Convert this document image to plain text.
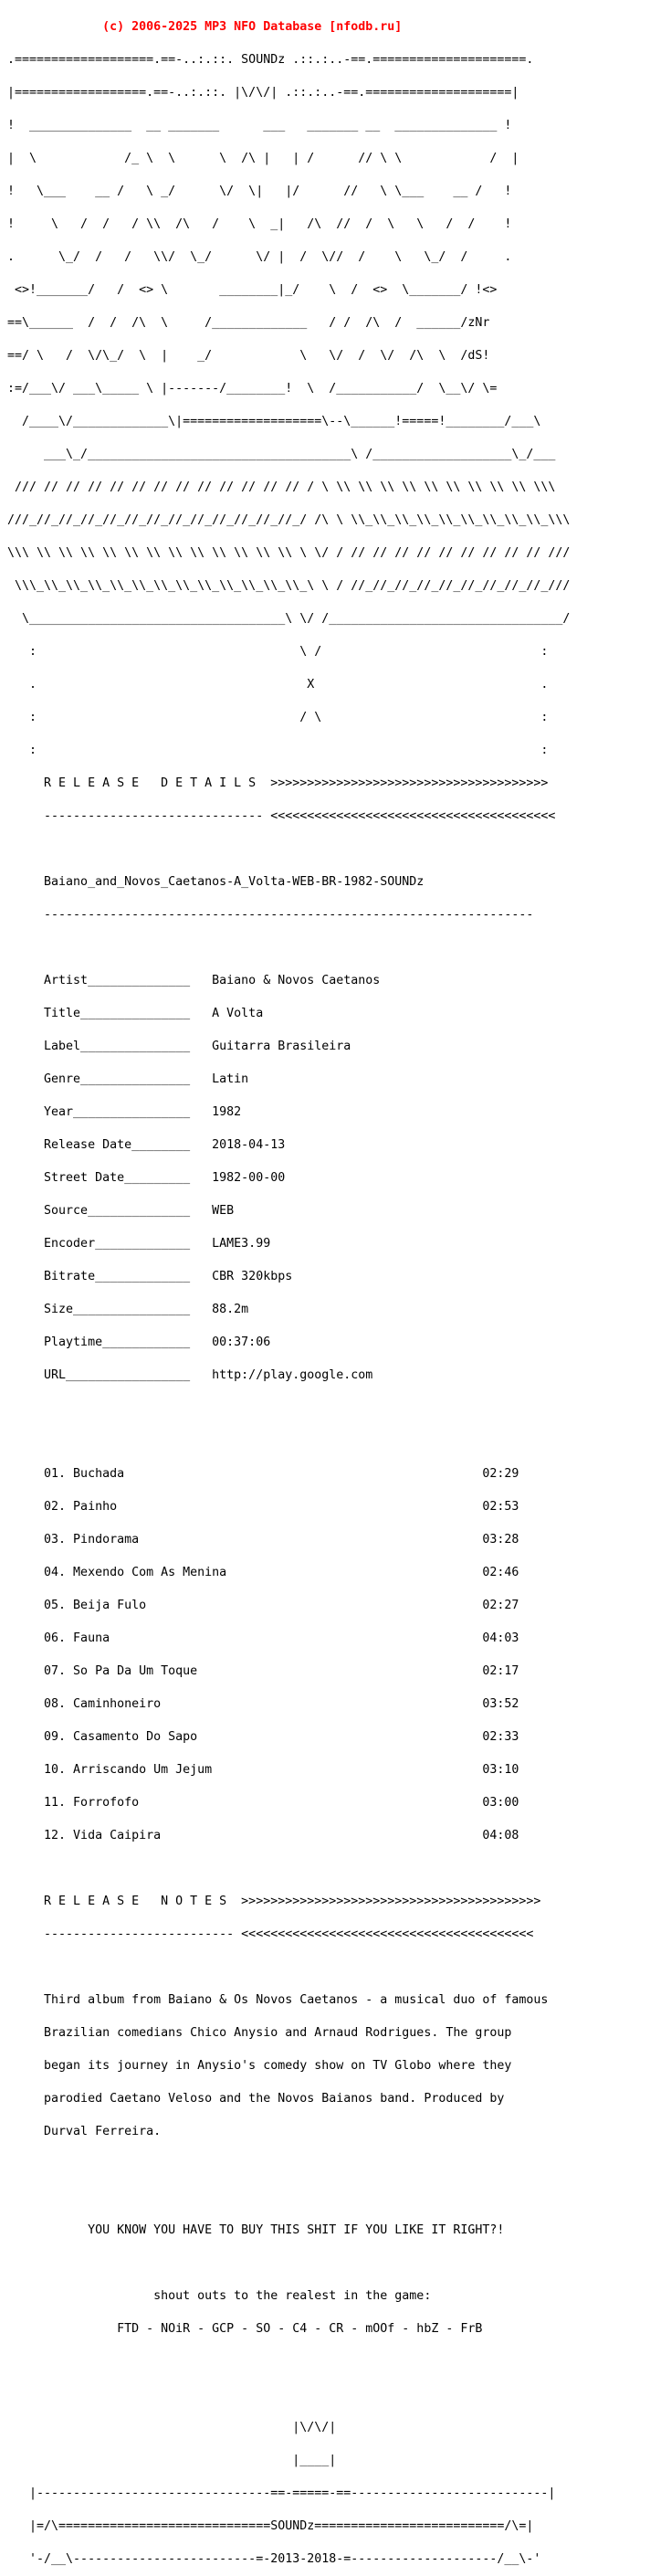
(c) 2006-2025 MP3 NFO Database [nfodb.ru]

.===================.==-..:.::. SOUNDz .::.:..-==.=====================.

|==================.==-..:.::. |\/\/| .::.:..-==.====================|

!  ______________  __ _______      ___   _______ __  ______________ !

|  \            /_ \  \      \  /\ |   | /      // \ \            /  |

!   \___    __ /   \ _/      \/  \|   |/      //   \ \___    __ /   !

!     \   /  /   / \\  /\   /    \  _|   /\  //  /  \   \   /  /    !

.      \_/  /   /   \\/  \_/      \/ |  /  \//  /    \   \_/  /     .

<>!_______/   /  <> \       ________|_/    \  /  <>  \_______/ !<>

==\______  /  /  /\  \     /_____________   / /  /\  /  ______/zNr

==/ \   /  \/\_/  \  |    _/            \   \/  /  \/  /\  \  /dS!

:=/___\/ ___\_____ \ |-------/________!  \  /___________/  \__\/ \=

/____\/_____________\|===================\--\______!=====!________/___\

___\_/____________________________________\ /___________________\_/___

/// // // // // // // // // // // // // / \ \\ \\ \\ \\ \\ \\ \\ \\ \\ \\\

///_//_//_//_//_//_//_//_//_//_//_//_//_/ /\ \ \\_\\_\\_\\_\\_\\_\\_\\_\\_\\\

\\\ \\ \\ \\ \\ \\ \\ \\ \\ \\ \\ \\ \\ \ \/ / // // // // // // // // // ///

\\\_\\_\\_\\_\\_\\_\\_\\_\\_\\_\\_\\_\\_\ \ / //_//_//_//_//_//_//_//_//_///

\___________________________________\ \/ /________________________________/

:                                    \ /                              :

.                                     X                               .

:                                    / \                              :

:                                                                     :

R E L E A S E   D E T A I L S  >>>>>>>>>>>>>>>>>>>>>>>>>>>>>>>>>>>>>>

------------------------------ <<<<<<<<<<<<<<<<<<<<<<<<<<<<<<<<<<<<<<<

Baiano_and_Novos_Caetanos-A_Volta-WEB-BR-1982-SOUNDz

-------------------------------------------------------------------

Artist______________   Baiano & Novos Caetanos

Title_______________   A Volta

Label_______________   Guitarra Brasileira

Genre_______________   Latin

Year________________   1982

Release Date________   2018-04-13

Street Date_________   1982-00-00

Source______________   WEB

Encoder_____________   LAME3.99

Bitrate_____________   CBR 320kbps

Size________________   88.2m

Playtime____________   00:37:06

URL_________________   http://play.google.com

01. Buchada                                                 02:29

02. Painho                                                  02:53

03. Pindorama                                               03:28

04. Mexendo Com As Menina                                   02:46

05. Beija Fulo                                              02:27

06. Fauna                                                   04:03

07. So Pa Da Um Toque                                       02:17

08. Caminhoneiro                                            03:52

09. Casamento Do Sapo                                       02:33

10. Arriscando Um Jejum                                     03:10

11. Forrofofo                                               03:00

12. Vida Caipira                                            04:08

R E L E A S E   N O T E S  >>>>>>>>>>>>>>>>>>>>>>>>>>>>>>>>>>>>>>>>>

-------------------------- <<<<<<<<<<<<<<<<<<<<<<<<<<<<<<<<<<<<<<<<

Third album from Baiano & Os Novos Caetanos - a musical duo of famous

Brazilian comedians Chico Anysio and Arnaud Rodrigues. The group

began its journey in Anysio's comedy show on TV Globo where they

parodied Caetano Veloso and the Novos Baianos band. Produced by

Durval Ferreira.

YOU KNOW YOU HAVE TO BUY THIS SHIT IF YOU LIKE IT RIGHT?!

shout outs to the realest in the game:

FTD - NOiR - GCP - SO - C4 - CR - mOOf - hbZ - FrB

|\/\/|

|____|

|--------------------------------==-=====-==---------------------------|

|=/\=============================SOUNDz==========================/\=|

'-/__\-------------------------=-2013-2018-=--------------------/__\-'
